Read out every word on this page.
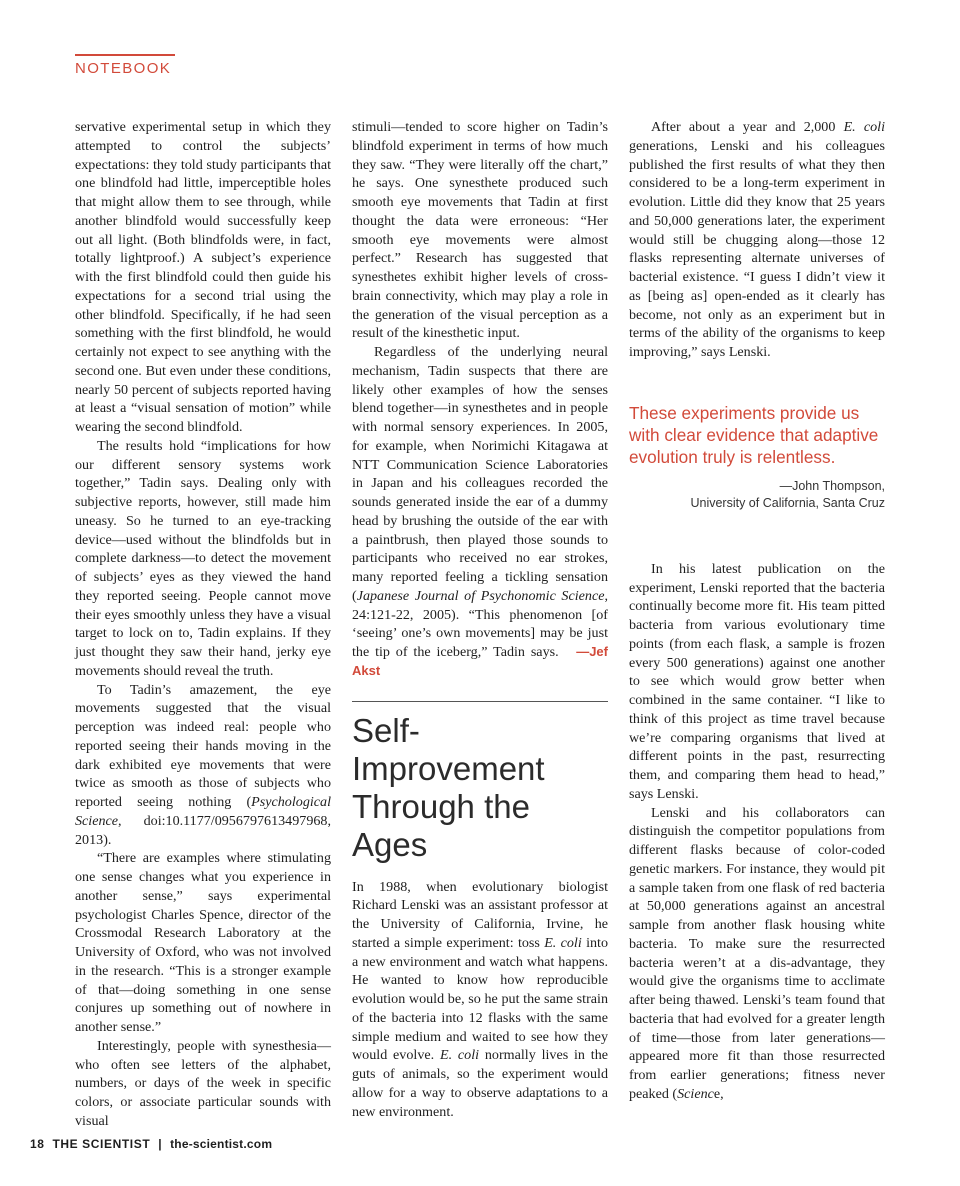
NOTEBOOK

servative experimental setup in which they attempted to control the subjects’ expectations: they told study participants that one blindfold had little, imperceptible holes that might allow them to see through, while another blindfold would successfully keep out all light. (Both blindfolds were, in fact, totally lightproof.) A subject’s experience with the first blindfold could then guide his expectations for a second trial using the other blindfold. Specifically, if he had seen something with the first blindfold, he would certainly not expect to see anything with the second one. But even under these conditions, nearly 50 percent of subjects reported having at least a “visual sensation of motion” while wearing the second blindfold.

The results hold “implications for how our different sensory systems work together,” Tadin says. Dealing only with subjective reports, however, still made him uneasy. So he turned to an eye-tracking device—used without the blindfolds but in complete darkness—to detect the movement of subjects’ eyes as they viewed the hand they reported seeing. People cannot move their eyes smoothly unless they have a visual target to lock on to, Tadin explains. If they just thought they saw their hand, jerky eye movements should reveal the truth.

To Tadin’s amazement, the eye movements suggested that the visual perception was indeed real: people who reported seeing their hands moving in the dark exhibited eye movements that were twice as smooth as those of subjects who reported seeing nothing (Psychological Science, doi:10.1177/0956797613497968, 2013).

“There are examples where stimulating one sense changes what you experience in another sense,” says experimental psychologist Charles Spence, director of the Crossmodal Research Laboratory at the University of Oxford, who was not involved in the research. “This is a stronger example of that—doing something in one sense conjures up something out of nowhere in another sense.”

Interestingly, people with synesthesia—who often see letters of the alphabet, numbers, or days of the week in specific colors, or associate particular sounds with visual

stimuli—tended to score higher on Tadin’s blindfold experiment in terms of how much they saw. “They were literally off the chart,” he says. One synesthete produced such smooth eye movements that Tadin at first thought the data were erroneous: “Her smooth eye movements were almost perfect.” Research has suggested that synesthetes exhibit higher levels of cross-brain connectivity, which may play a role in the generation of the visual perception as a result of the kinesthetic input.

Regardless of the underlying neural mechanism, Tadin suspects that there are likely other examples of how the senses blend together—in synesthetes and in people with normal sensory experiences. In 2005, for example, when Norimichi Kitagawa at NTT Communication Science Laboratories in Japan and his colleagues recorded the sounds generated inside the ear of a dummy head by brushing the outside of the ear with a paintbrush, then played those sounds to participants who received no ear strokes, many reported feeling a tickling sensation (Japanese Journal of Psychonomic Science, 24:121-22, 2005). “This phenomenon [of ‘seeing’ one’s own movements] may be just the tip of the iceberg,” Tadin says. —Jef Akst

Self-Improvement Through the Ages

In 1988, when evolutionary biologist Richard Lenski was an assistant professor at the University of California, Irvine, he started a simple experiment: toss E. coli into a new environment and watch what happens. He wanted to know how reproducible evolution would be, so he put the same strain of the bacteria into 12 flasks with the same simple medium and waited to see how they would evolve. E. coli normally lives in the guts of animals, so the experiment would allow for a way to observe adaptations to a new environment.

After about a year and 2,000 E. coli generations, Lenski and his colleagues published the first results of what they then considered to be a long-term experiment in evolution. Little did they know that 25 years and 50,000 generations later, the experiment would still be chugging along—those 12 flasks representing alternate universes of bacterial existence. “I guess I didn’t view it as [being as] open-ended as it clearly has become, not only as an experiment but in terms of the ability of the organisms to keep improving,” says Lenski.

These experiments provide us with clear evidence that adaptive evolution truly is relentless.
—John Thompson,
University of California, Santa Cruz

In his latest publication on the experiment, Lenski reported that the bacteria continually become more fit. His team pitted bacteria from various evolutionary time points (from each flask, a sample is frozen every 500 generations) against one another to see which would grow better when combined in the same container. “I like to think of this project as time travel because we’re comparing organisms that lived at different points in the past, resurrecting them, and comparing them head to head,” says Lenski.

Lenski and his collaborators can distinguish the competitor populations from different flasks because of color-coded genetic markers. For instance, they would pit a sample taken from one flask of red bacteria at 50,000 generations against an ancestral sample from another flask housing white bacteria. To make sure the resurrected bacteria weren’t at a dis-advantage, they would give the organisms time to acclimate after being thawed. Lenski’s team found that bacteria that had evolved for a greater length of time—those from later generations—appeared more fit than those resurrected from earlier generations; fitness never peaked (Science,

18 THE SCIENTIST | the-scientist.com
